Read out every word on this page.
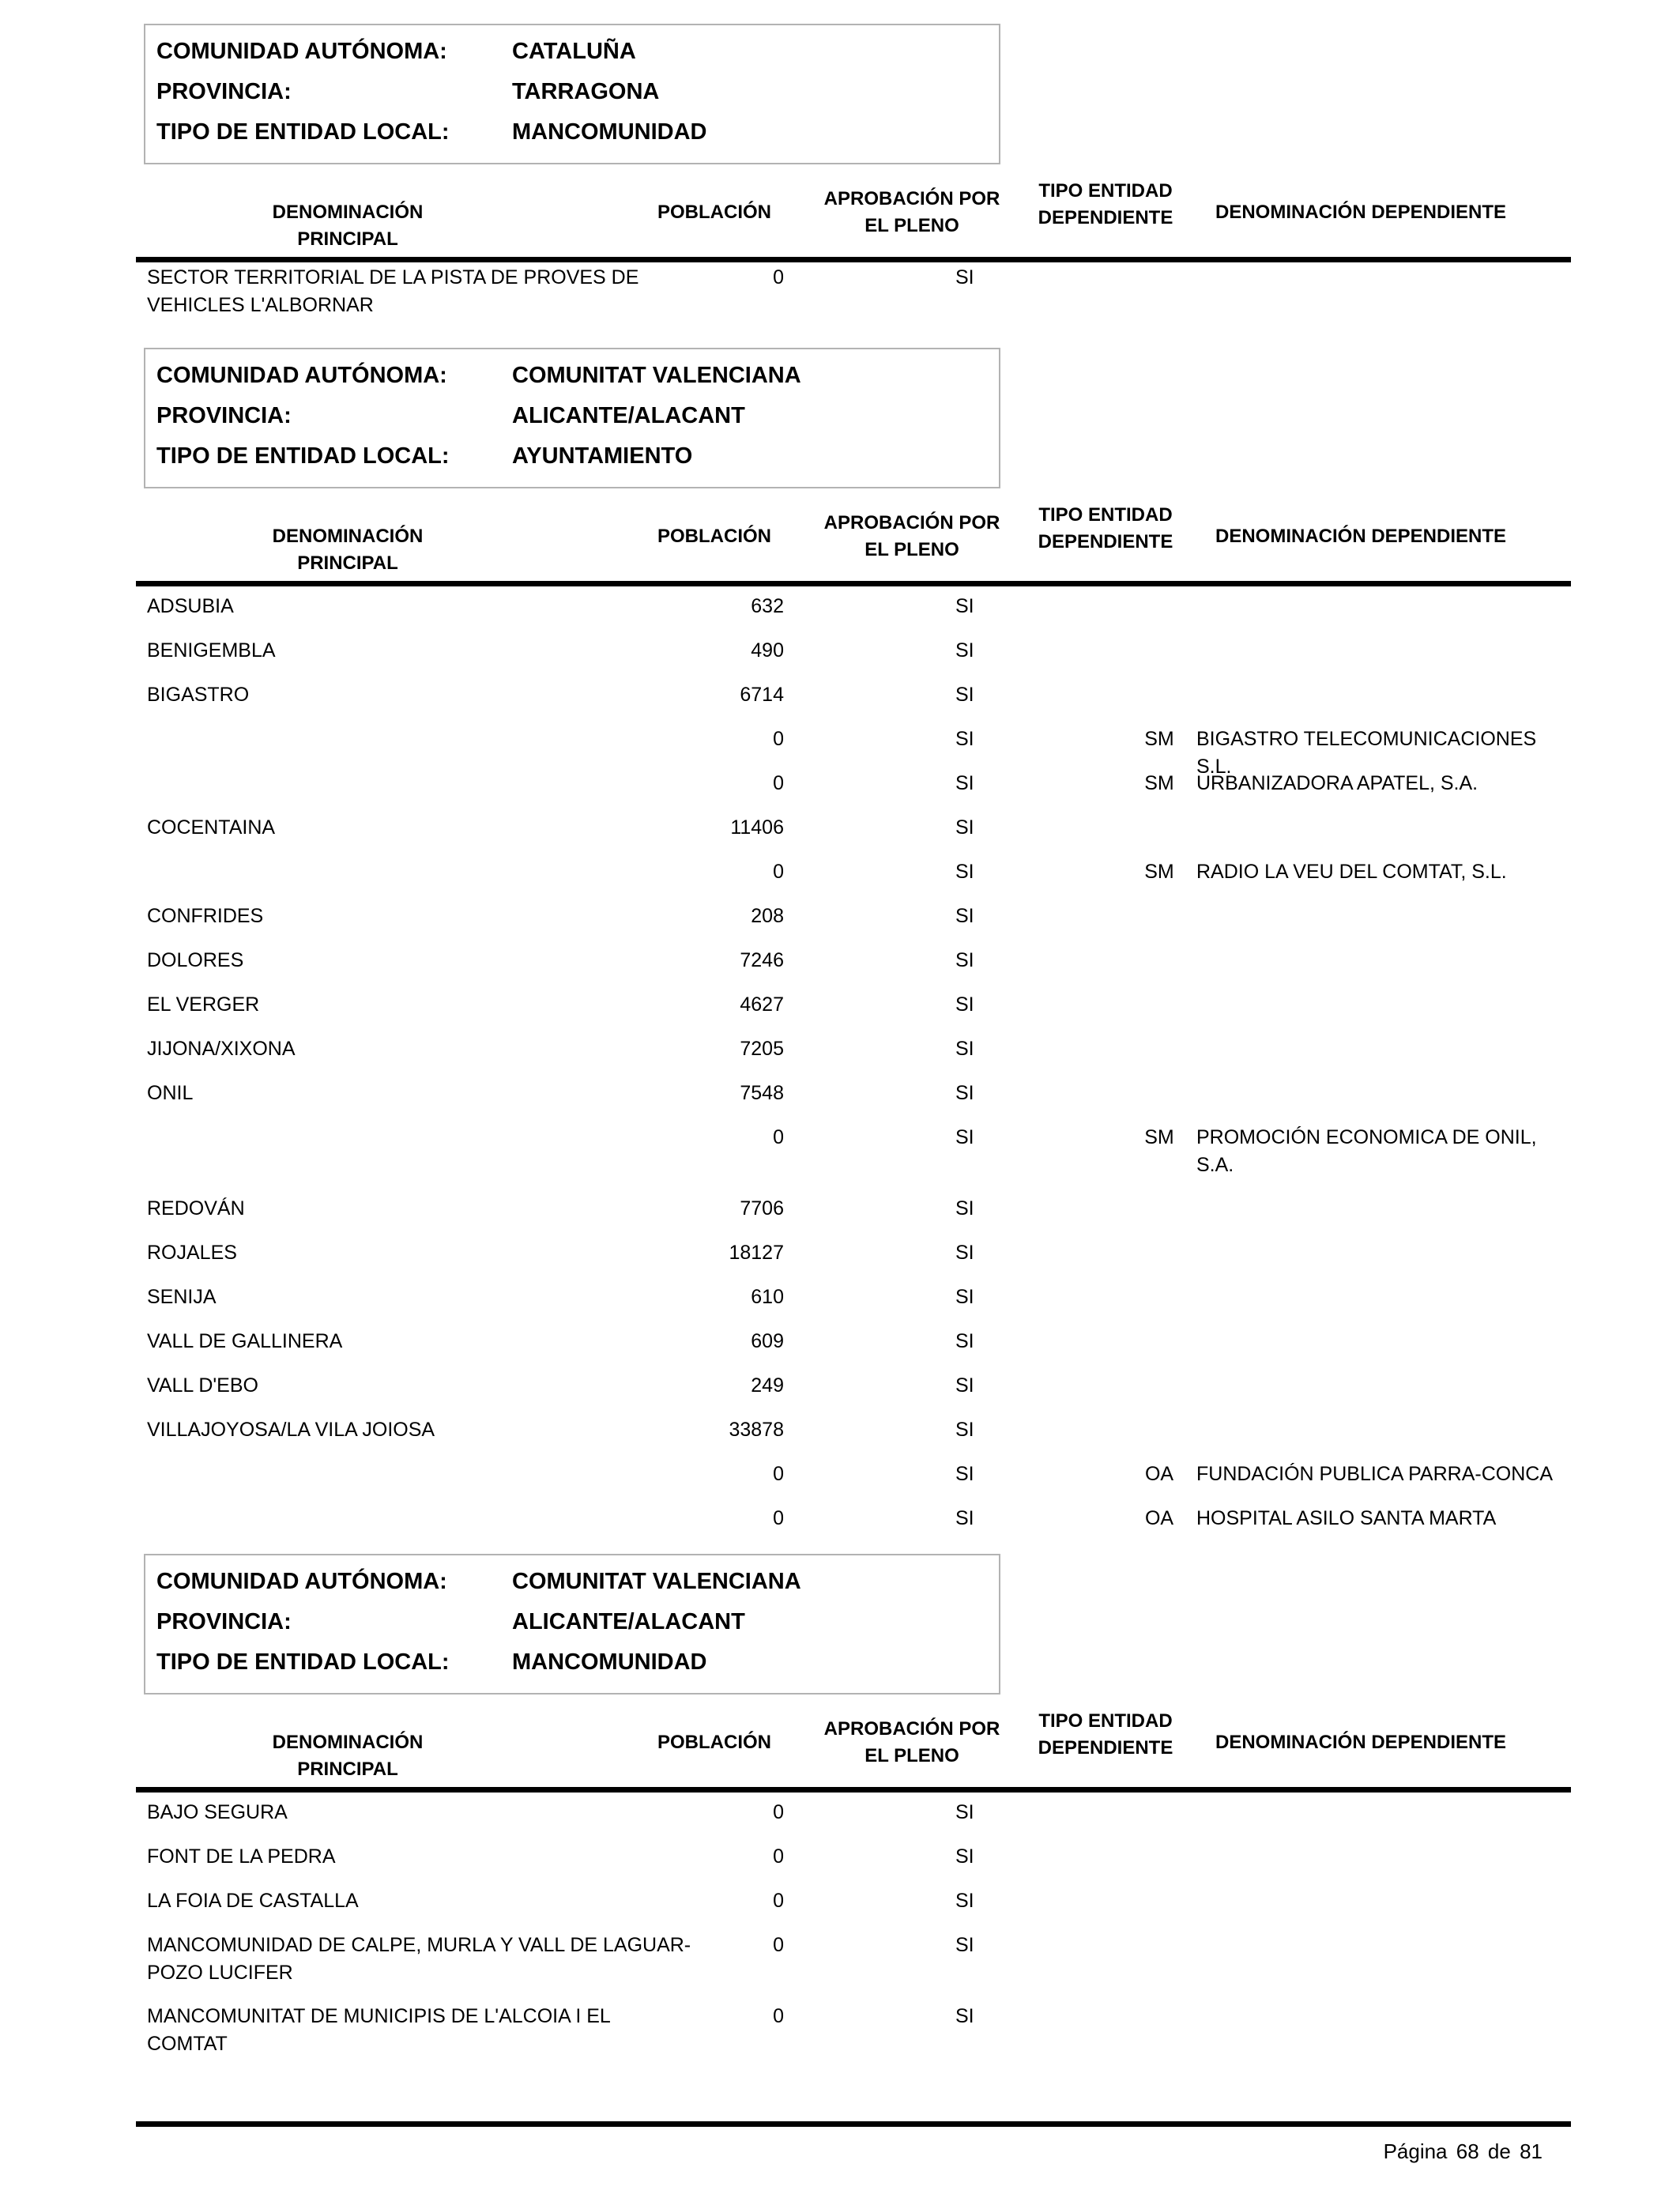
COMUNIDAD AUTÓNOMA:	CATALUÑA
PROVINCIA:	TARRAGONA
TIPO DE ENTIDAD LOCAL:	MANCOMUNIDAD
DENOMINACIÓN PRINCIPAL
POBLACIÓN
APROBACIÓN POR
EL PLENO
TIPO ENTIDAD
DEPENDIENTE	DENOMINACIÓN DEPENDIENTE
SECTOR TERRITORIAL DE LA PISTA DE PROVES DE
VEHICLES L'ALBORNAR
0	SI
COMUNIDAD AUTÓNOMA:	COMUNITAT VALENCIANA
PROVINCIA:	ALICANTE/ALACANT
TIPO DE ENTIDAD LOCAL:	AYUNTAMIENTO
DENOMINACIÓN PRINCIPAL
POBLACIÓN
APROBACIÓN POR
EL PLENO
TIPO ENTIDAD
DEPENDIENTE	DENOMINACIÓN DEPENDIENTE
ADSUBIA	632	SI
BENIGEMBLA	490	SI
BIGASTRO	6714	SI
0	SI	SM	BIGASTRO TELECOMUNICACIONES S.L.
0	SI	SM	URBANIZADORA APATEL, S.A.
COCENTAINA	11406	SI
0	SI	SM	RADIO LA VEU DEL COMTAT, S.L.
CONFRIDES	208	SI
DOLORES	7246	SI
EL VERGER	4627	SI
JIJONA/XIXONA	7205	SI
ONIL	7548	SI
0	SI	SM	PROMOCIÓN ECONOMICA DE ONIL,
S.A.
REDOVÁN	7706	SI
ROJALES	18127	SI
SENIJA	610	SI
VALL DE GALLINERA	609	SI
VALL D'EBO	249	SI
VILLAJOYOSA/LA VILA JOIOSA	33878	SI
0	SI	OA	FUNDACIÓN PUBLICA PARRA-CONCA
0	SI	OA	HOSPITAL ASILO SANTA MARTA
COMUNIDAD AUTÓNOMA:	COMUNITAT VALENCIANA
PROVINCIA:	ALICANTE/ALACANT
TIPO DE ENTIDAD LOCAL:	MANCOMUNIDAD
DENOMINACIÓN PRINCIPAL
POBLACIÓN
APROBACIÓN POR
EL PLENO
TIPO ENTIDAD
DEPENDIENTE	DENOMINACIÓN DEPENDIENTE
BAJO SEGURA	0	SI
FONT DE LA PEDRA	0	SI
LA FOIA DE CASTALLA	0	SI
MANCOMUNIDAD DE CALPE, MURLA Y VALL DE LAGUAR-
POZO LUCIFER
0	SI
MANCOMUNITAT DE MUNICIPIS DE L'ALCOIA I EL
COMTAT
0	SI
Página 68 de 81
